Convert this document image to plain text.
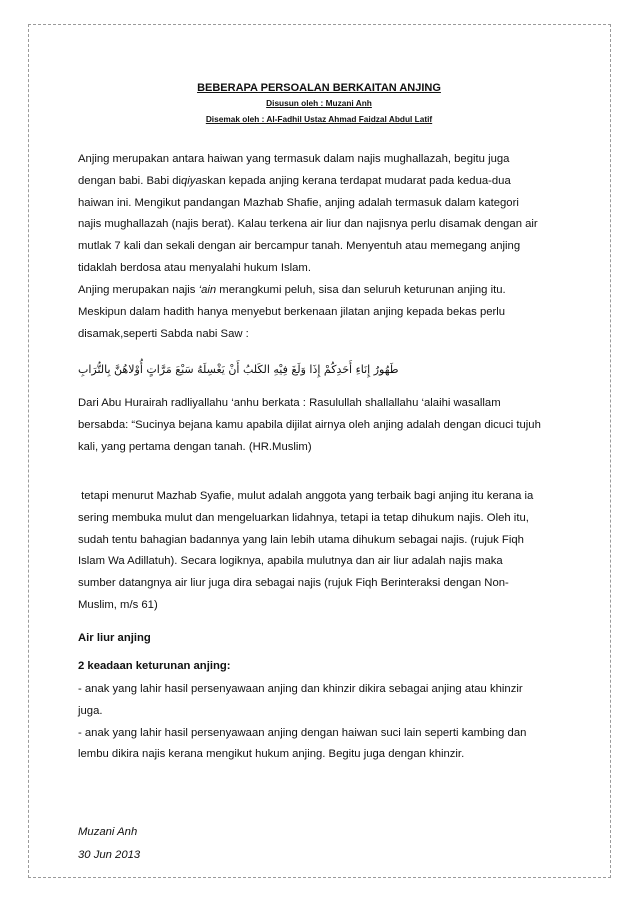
BEBERAPA PERSOALAN BERKAITAN ANJING
Disusun oleh : Muzani Anh
Disemak oleh : Al-Fadhil Ustaz Ahmad Faidzal Abdul Latif

Anjing merupakan antara haiwan yang termasuk dalam najis mughallazah, begitu juga

dengan babi. Babi diqiyaskan kepada anjing kerana terdapat mudarat pada kedua-dua

haiwan ini. Mengikut pandangan Mazhab Shafie, anjing adalah termasuk dalam kategori

najis mughallazah (najis berat). Kalau terkena air liur dan najisnya perlu disamak dengan air

mutlak 7 kali dan sekali dengan air bercampur tanah. Menyentuh atau memegang anjing

tidaklah berdosa atau menyalahi hukum Islam.

Anjing merupakan najis ‘ain merangkumi peluh, sisa dan seluruh keturunan anjing itu.

Meskipun dalam hadith hanya menyebut berkenaan jilatan anjing kepada bekas perlu

disamak,seperti Sabda nabi Saw :

طَهُورُ إِنَاءِ أَحَدِكُمْ إِذَا وَلَغَ فِيْهِ الكَلبُ أَنْ يَغْسِلَهُ سَبْعَ مَرَّاتٍ أُوْلاهُنَّ بِالتُّرَابِ

Dari Abu Hurairah radliyallahu ‘anhu berkata : Rasulullah shallallahu ‘alaihi wasallam

bersabda: “Sucinya bejana kamu apabila dijilat airnya oleh anjing adalah dengan dicuci tujuh

kali, yang pertama dengan tanah. (HR.Muslim)

tetapi menurut Mazhab Syafie, mulut adalah anggota yang terbaik bagi anjing itu kerana ia

sering membuka mulut dan mengeluarkan lidahnya, tetapi ia tetap dihukum najis. Oleh itu,

sudah tentu bahagian badannya yang lain lebih utama dihukum sebagai najis. (rujuk Fiqh

Islam Wa Adillatuh). Secara logiknya, apabila mulutnya dan air liur adalah najis maka

sumber datangnya air liur juga dira sebagai najis (rujuk Fiqh Berinteraksi dengan Non-

Muslim, m/s 61)

Air liur anjing
2 keadaan keturunan anjing:

- anak yang lahir hasil persenyawaan anjing dan khinzir dikira sebagai anjing atau khinzir

juga.

- anak yang lahir hasil persenyawaan anjing dengan haiwan suci lain seperti kambing dan

lembu dikira najis kerana mengikut hukum anjing. Begitu juga dengan khinzir.

Muzani Anh
30 Jun 2013
